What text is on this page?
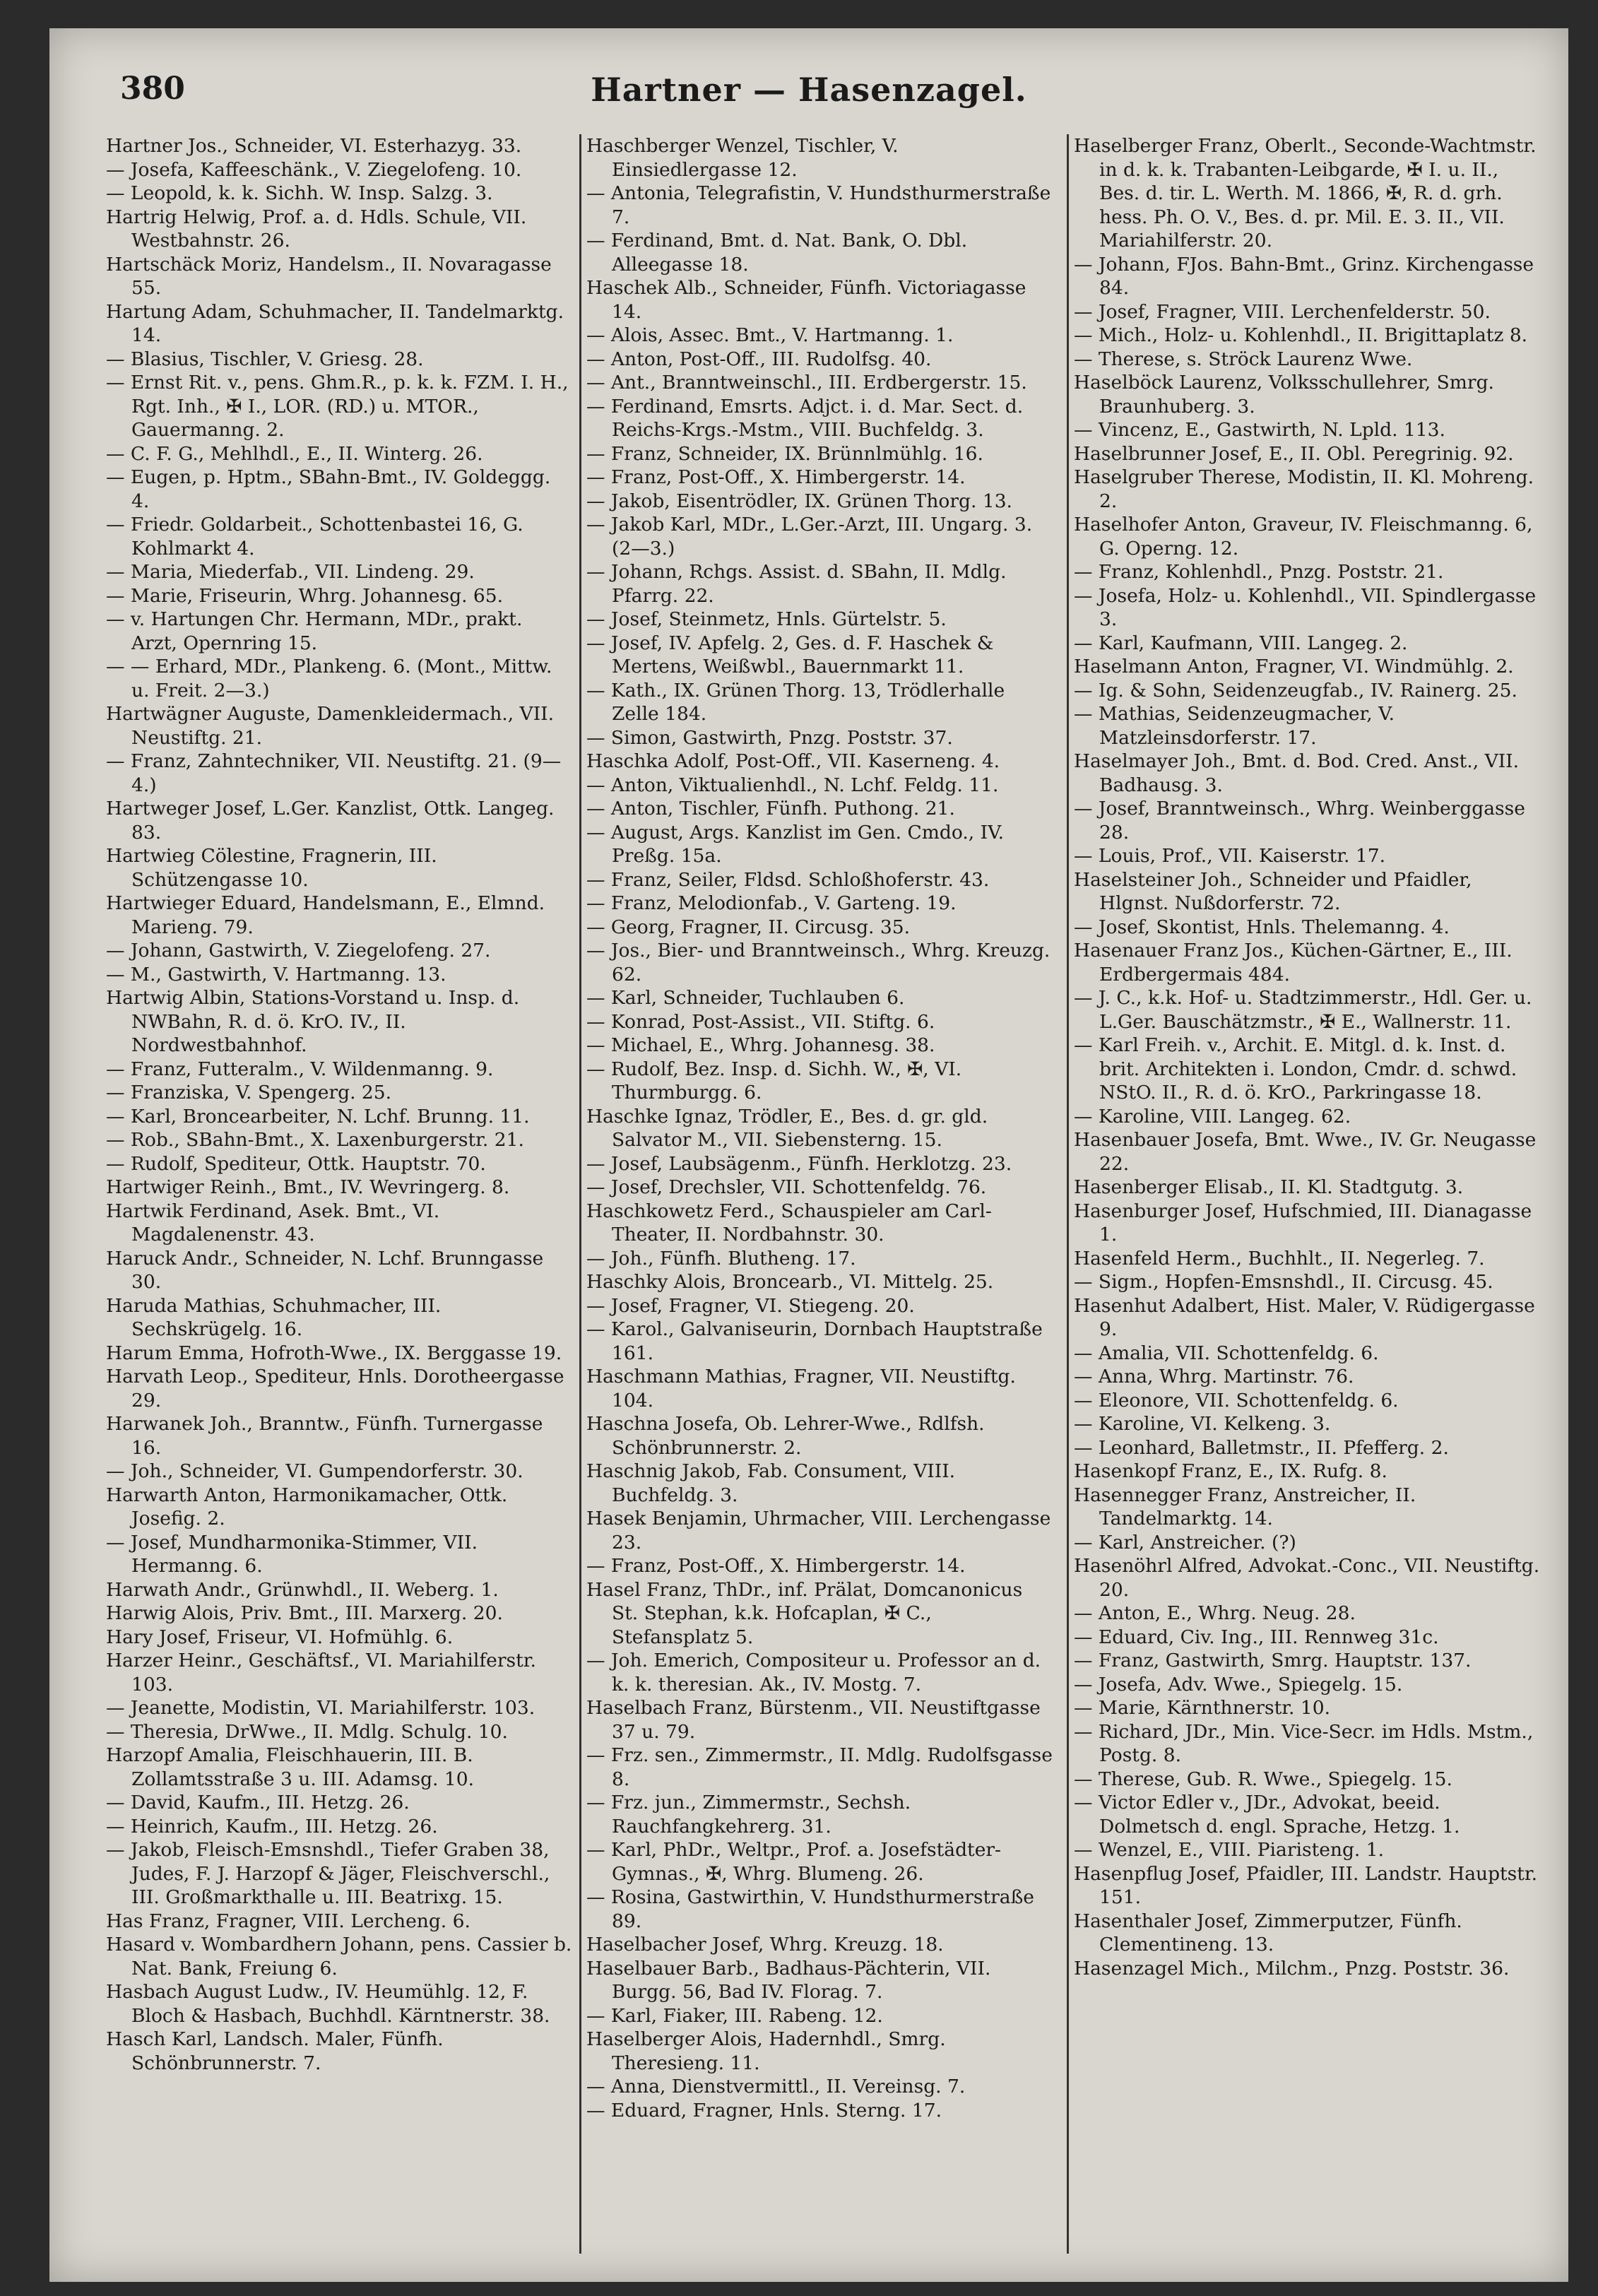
380	Hartner — Hasenzagel.

Hartner Jos., Schneider, VI. Esterhazyg. 33.

— Josefa, Kaffeeschänk., V. Ziegelofeng. 10.

— Leopold, k. k. Sichh. W. Insp. Salzg. 3.

Hartrig Helwig, Prof. a. d. Hdls. Schule, VII. Westbahnstr. 26.

Hartschäck Moriz, Handelsm., II. Novaragasse 55.

Hartung Adam, Schuhmacher, II. Tandelmarktg. 14.

— Blasius, Tischler, V. Griesg. 28.

— Ernst Rit. v., pens. Ghm.R., p. k. k. FZM. I. H., Rgt. Inh., ✠ I., LOR. (RD.) u. MTOR., Gauermanng. 2.

— C. F. G., Mehlhdl., E., II. Winterg. 26.

— Eugen, p. Hptm., SBahn-Bmt., IV. Goldeggg. 4.

— Friedr. Goldarbeit., Schottenbastei 16, G. Kohlmarkt 4.

— Maria, Miederfab., VII. Lindeng. 29.

— Marie, Friseurin, Whrg. Johannesg. 65.

— v. Hartungen Chr. Hermann, MDr., prakt. Arzt, Opernring 15.

— — Erhard, MDr., Plankeng. 6. (Mont., Mittw. u. Freit. 2—3.)

Hartwägner Auguste, Damenkleidermach., VII. Neustiftg. 21.

— Franz, Zahntechniker, VII. Neustiftg. 21. (9—4.)

Hartweger Josef, L.Ger. Kanzlist, Ottk. Langeg. 83.

Hartwieg Cölestine, Fragnerin, III. Schützengasse 10.

Hartwieger Eduard, Handelsmann, E., Elmnd. Marieng. 79.

— Johann, Gastwirth, V. Ziegelofeng. 27.

— M., Gastwirth, V. Hartmanng. 13.

Hartwig Albin, Stations-Vorstand u. Insp. d. NWBahn, R. d. ö. KrO. IV., II. Nordwestbahnhof.

— Franz, Futteralm., V. Wildenmanng. 9.

— Franziska, V. Spengerg. 25.

— Karl, Broncearbeiter, N. Lchf. Brunng. 11.

— Rob., SBahn-Bmt., X. Laxenburgerstr. 21.

— Rudolf, Spediteur, Ottk. Hauptstr. 70.

Hartwiger Reinh., Bmt., IV. Wevringerg. 8.

Hartwik Ferdinand, Asek. Bmt., VI. Magdalenenstr. 43.

Haruck Andr., Schneider, N. Lchf. Brunngasse 30.

Haruda Mathias, Schuhmacher, III. Sechskrügelg. 16.

Harum Emma, Hofroth-Wwe., IX. Berggasse 19.

Harvath Leop., Spediteur, Hnls. Dorotheergasse 29.

Harwanek Joh., Branntw., Fünfh. Turnergasse 16.

— Joh., Schneider, VI. Gumpendorferstr. 30.

Harwarth Anton, Harmonikamacher, Ottk. Josefig. 2.

— Josef, Mundharmonika-Stimmer, VII. Hermanng. 6.

Harwath Andr., Grünwhdl., II. Weberg. 1.

Harwig Alois, Priv. Bmt., III. Marxerg. 20.

Hary Josef, Friseur, VI. Hofmühlg. 6.

Harzer Heinr., Geschäftsf., VI. Mariahilferstr. 103.

— Jeanette, Modistin, VI. Mariahilferstr. 103.

— Theresia, DrWwe., II. Mdlg. Schulg. 10.

Harzopf Amalia, Fleischhauerin, III. B. Zollamtsstraße 3 u. III. Adamsg. 10.

— David, Kaufm., III. Hetzg. 26.

— Heinrich, Kaufm., III. Hetzg. 26.

— Jakob, Fleisch-Emsnshdl., Tiefer Graben 38, Judes, F. J. Harzopf & Jäger, Fleischverschl., III. Großmarkthalle u. III. Beatrixg. 15.

Has Franz, Fragner, VIII. Lercheng. 6.

Hasard v. Wombardhern Johann, pens. Cassier b. Nat. Bank, Freiung 6.

Hasbach August Ludw., IV. Heumühlg. 12, F. Bloch & Hasbach, Buchhdl. Kärntnerstr. 38.

Hasch Karl, Landsch. Maler, Fünfh. Schönbrunnerstr. 7.

Haschberger Wenzel, Tischler, V. Einsiedlergasse 12.

— Antonia, Telegrafistin, V. Hundsthurmerstraße 7.

— Ferdinand, Bmt. d. Nat. Bank, O. Dbl. Alleegasse 18.

Haschek Alb., Schneider, Fünfh. Victoriagasse 14.

— Alois, Assec. Bmt., V. Hartmanng. 1.

— Anton, Post-Off., III. Rudolfsg. 40.

— Ant., Branntweinschl., III. Erdbergerstr. 15.

— Ferdinand, Emsrts. Adjct. i. d. Mar. Sect. d. Reichs-Krgs.-Mstm., VIII. Buchfeldg. 3.

— Franz, Schneider, IX. Brünnlmühlg. 16.

— Franz, Post-Off., X. Himbergerstr. 14.

— Jakob, Eisentrödler, IX. Grünen Thorg. 13.

— Jakob Karl, MDr., L.Ger.-Arzt, III. Ungarg. 3. (2—3.)

— Johann, Rchgs. Assist. d. SBahn, II. Mdlg. Pfarrg. 22.

— Josef, Steinmetz, Hnls. Gürtelstr. 5.

— Josef, IV. Apfelg. 2, Ges. d. F. Haschek & Mertens, Weißwbl., Bauernmarkt 11.

— Kath., IX. Grünen Thorg. 13, Trödlerhalle Zelle 184.

— Simon, Gastwirth, Pnzg. Poststr. 37.

Haschka Adolf, Post-Off., VII. Kaserneng. 4.

— Anton, Viktualienhdl., N. Lchf. Feldg. 11.

— Anton, Tischler, Fünfh. Puthong. 21.

— August, Args. Kanzlist im Gen. Cmdo., IV. Preßg. 15a.

— Franz, Seiler, Fldsd. Schloßhoferstr. 43.

— Franz, Melodionfab., V. Garteng. 19.

— Georg, Fragner, II. Circusg. 35.

— Jos., Bier- und Branntweinsch., Whrg. Kreuzg. 62.

— Karl, Schneider, Tuchlauben 6.

— Konrad, Post-Assist., VII. Stiftg. 6.

— Michael, E., Whrg. Johannesg. 38.

— Rudolf, Bez. Insp. d. Sichh. W., ✠, VI. Thurmburgg. 6.

Haschke Ignaz, Trödler, E., Bes. d. gr. gld. Salvator M., VII. Siebensterng. 15.

— Josef, Laubsägenm., Fünfh. Herklotzg. 23.

— Josef, Drechsler, VII. Schottenfeldg. 76.

Haschkowetz Ferd., Schauspieler am Carl-Theater, II. Nordbahnstr. 30.

— Joh., Fünfh. Blutheng. 17.

Haschky Alois, Broncearb., VI. Mittelg. 25.

— Josef, Fragner, VI. Stiegeng. 20.

— Karol., Galvaniseurin, Dornbach Hauptstraße 161.

Haschmann Mathias, Fragner, VII. Neustiftg. 104.

Haschna Josefa, Ob. Lehrer-Wwe., Rdlfsh. Schönbrunnerstr. 2.

Haschnig Jakob, Fab. Consument, VIII. Buchfeldg. 3.

Hasek Benjamin, Uhrmacher, VIII. Lerchengasse 23.

— Franz, Post-Off., X. Himbergerstr. 14.

Hasel Franz, ThDr., inf. Prälat, Domcanonicus St. Stephan, k.k. Hofcaplan, ✠ C., Stefansplatz 5.

— Joh. Emerich, Compositeur u. Professor an d. k. k. theresian. Ak., IV. Mostg. 7.

Haselbach Franz, Bürstenm., VII. Neustiftgasse 37 u. 79.

— Frz. sen., Zimmermstr., II. Mdlg. Rudolfsgasse 8.

— Frz. jun., Zimmermstr., Sechsh. Rauchfangkehrerg. 31.

— Karl, PhDr., Weltpr., Prof. a. Josefstädter-Gymnas., ✠, Whrg. Blumeng. 26.

— Rosina, Gastwirthin, V. Hundsthurmerstraße 89.

Haselbacher Josef, Whrg. Kreuzg. 18.

Haselbauer Barb., Badhaus-Pächterin, VII. Burgg. 56, Bad IV. Florag. 7.

— Karl, Fiaker, III. Rabeng. 12.

Haselberger Alois, Hadernhdl., Smrg. Theresieng. 11.

— Anna, Dienstvermittl., II. Vereinsg. 7.

— Eduard, Fragner, Hnls. Sterng. 17.

Haselberger Franz, Oberlt., Seconde-Wachtmstr. in d. k. k. Trabanten-Leibgarde, ✠ I. u. II., Bes. d. tir. L. Werth. M. 1866, ✠, R. d. grh. hess. Ph. O. V., Bes. d. pr. Mil. E. 3. II., VII. Mariahilferstr. 20.

— Johann, FJos. Bahn-Bmt., Grinz. Kirchengasse 84.

— Josef, Fragner, VIII. Lerchenfelderstr. 50.

— Mich., Holz- u. Kohlenhdl., II. Brigittaplatz 8.

— Therese, s. Ströck Laurenz Wwe.

Haselböck Laurenz, Volksschullehrer, Smrg. Braunhuberg. 3.

— Vincenz, E., Gastwirth, N. Lpld. 113.

Haselbrunner Josef, E., II. Obl. Peregrinig. 92.

Haselgruber Therese, Modistin, II. Kl. Mohreng. 2.

Haselhofer Anton, Graveur, IV. Fleischmanng. 6, G. Operng. 12.

— Franz, Kohlenhdl., Pnzg. Poststr. 21.

— Josefa, Holz- u. Kohlenhdl., VII. Spindlergasse 3.

— Karl, Kaufmann, VIII. Langeg. 2.

Haselmann Anton, Fragner, VI. Windmühlg. 2.

— Ig. & Sohn, Seidenzeugfab., IV. Rainerg. 25.

— Mathias, Seidenzeugmacher, V. Matzleinsdorferstr. 17.

Haselmayer Joh., Bmt. d. Bod. Cred. Anst., VII. Badhausg. 3.

— Josef, Branntweinsch., Whrg. Weinberggasse 28.

— Louis, Prof., VII. Kaiserstr. 17.

Haselsteiner Joh., Schneider und Pfaidler, Hlgnst. Nußdorferstr. 72.

— Josef, Skontist, Hnls. Thelemanng. 4.

Hasenauer Franz Jos., Küchen-Gärtner, E., III. Erdbergermais 484.

— J. C., k.k. Hof- u. Stadtzimmerstr., Hdl. Ger. u. L.Ger. Bauschätzmstr., ✠ E., Wallnerstr. 11.

— Karl Freih. v., Archit. E. Mitgl. d. k. Inst. d. brit. Architekten i. London, Cmdr. d. schwd. NStO. II., R. d. ö. KrO., Parkringasse 18.

— Karoline, VIII. Langeg. 62.

Hasenbauer Josefa, Bmt. Wwe., IV. Gr. Neugasse 22.

Hasenberger Elisab., II. Kl. Stadtgutg. 3.

Hasenburger Josef, Hufschmied, III. Dianagasse 1.

Hasenfeld Herm., Buchhlt., II. Negerleg. 7.

— Sigm., Hopfen-Emsnshdl., II. Circusg. 45.

Hasenhut Adalbert, Hist. Maler, V. Rüdigergasse 9.

— Amalia, VII. Schottenfeldg. 6.

— Anna, Whrg. Martinstr. 76.

— Eleonore, VII. Schottenfeldg. 6.

— Karoline, VI. Kelkeng. 3.

— Leonhard, Balletmstr., II. Pfefferg. 2.

Hasenkopf Franz, E., IX. Rufg. 8.

Hasennegger Franz, Anstreicher, II. Tandelmarktg. 14.

— Karl, Anstreicher. (?)

Hasenöhrl Alfred, Advokat.-Conc., VII. Neustiftg. 20.

— Anton, E., Whrg. Neug. 28.

— Eduard, Civ. Ing., III. Rennweg 31c.

— Franz, Gastwirth, Smrg. Hauptstr. 137.

— Josefa, Adv. Wwe., Spiegelg. 15.

— Marie, Kärnthnerstr. 10.

— Richard, JDr., Min. Vice-Secr. im Hdls. Mstm., Postg. 8.

— Therese, Gub. R. Wwe., Spiegelg. 15.

— Victor Edler v., JDr., Advokat, beeid. Dolmetsch d. engl. Sprache, Hetzg. 1.

— Wenzel, E., VIII. Piaristeng. 1.

Hasenpflug Josef, Pfaidler, III. Landstr. Hauptstr. 151.

Hasenthaler Josef, Zimmerputzer, Fünfh. Clementineng. 13.

Hasenzagel Mich., Milchm., Pnzg. Poststr. 36.
